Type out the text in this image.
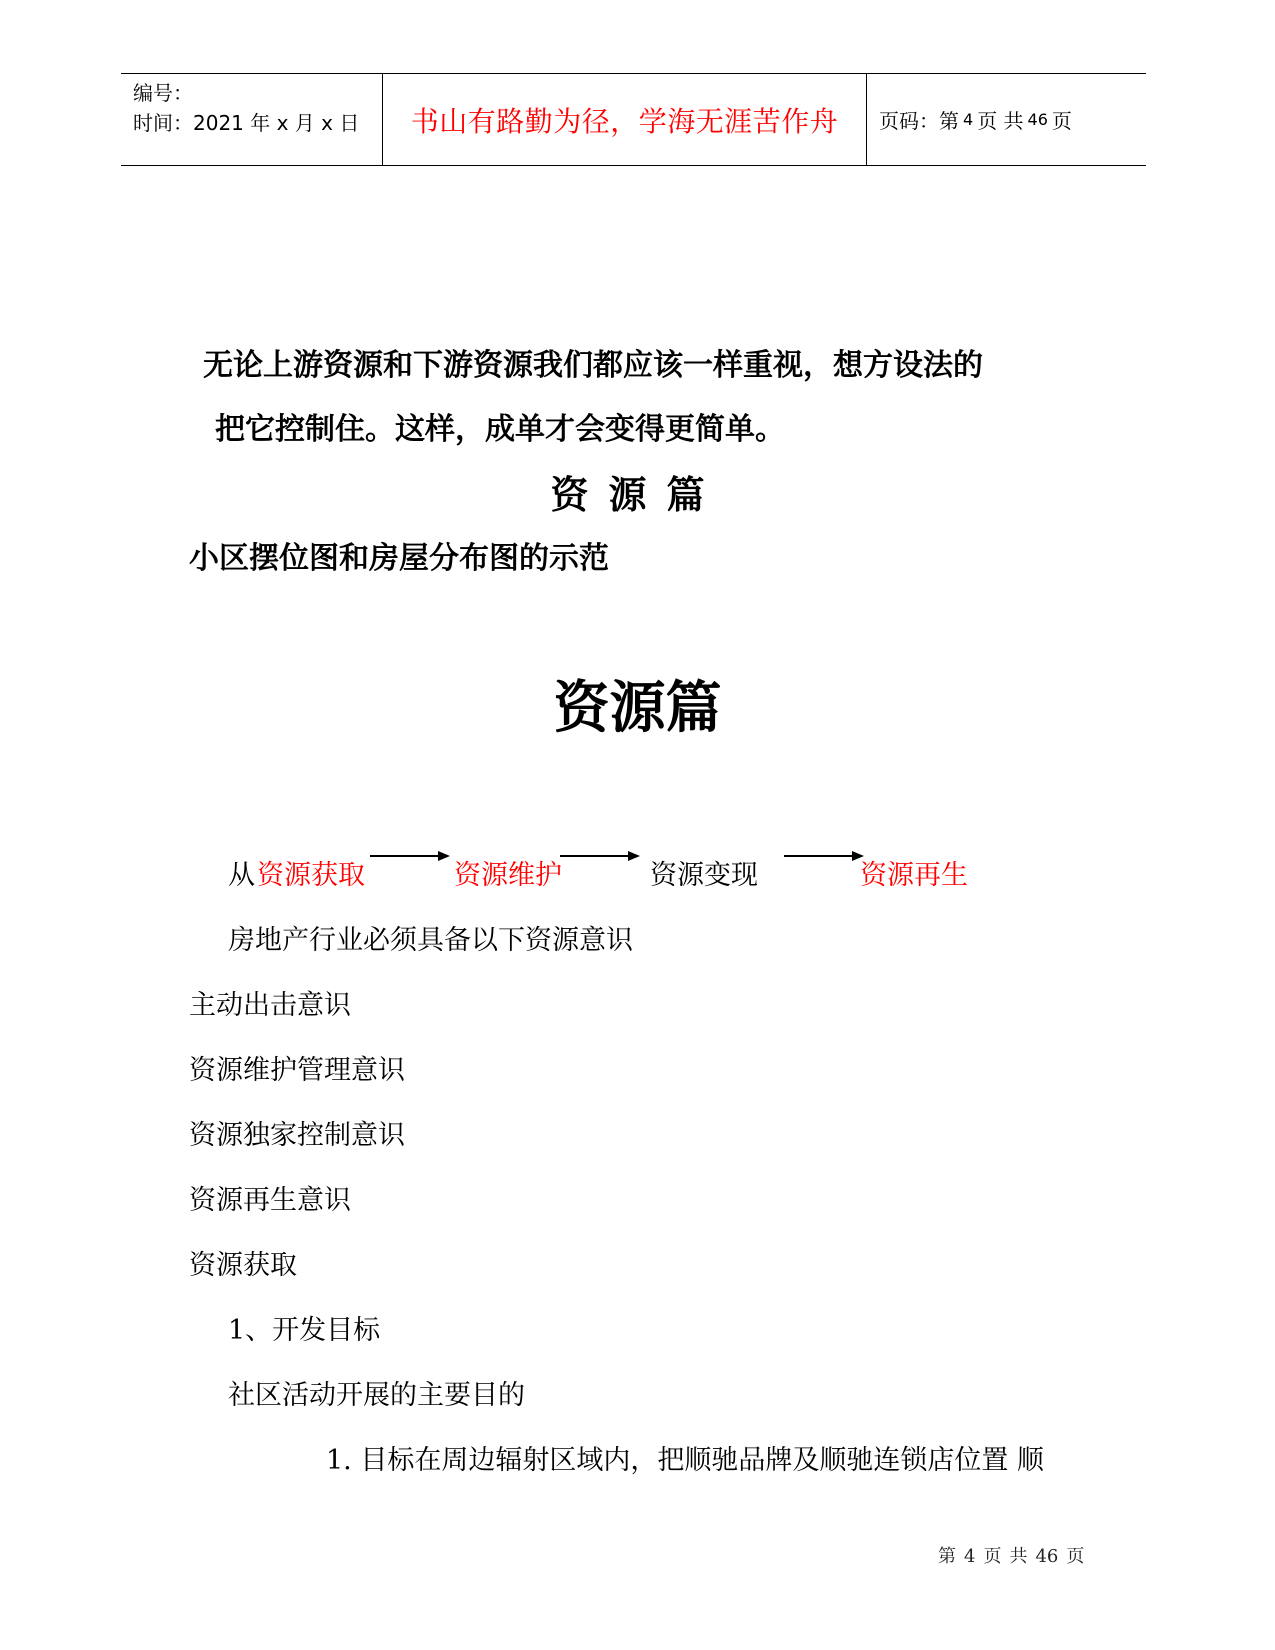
编号：
时间：2021 年 x 月 x 日	书山有路勤为径，学海无涯苦作舟 页码：第 4 页 共 46 页
无论上游资源和下游资源我们都应该一样重视，想方设法的
把它控制住。这样，成单才会变得更简单。
资源篇
小区摆位图和房屋分布图的示范
资源篇
从 资源获取	资源维护	资源变现	资源再生
房地产行业必须具备以下资源意识
主动出击意识
资源维护管理意识
资源独家控制意识
资源再生意识
资源获取
1、开发目标
社区活动开展的主要目的
1. 目标在周边辐射区域内，把顺驰品牌及顺驰连锁店位置 顺
第 4 页 共 46 页
